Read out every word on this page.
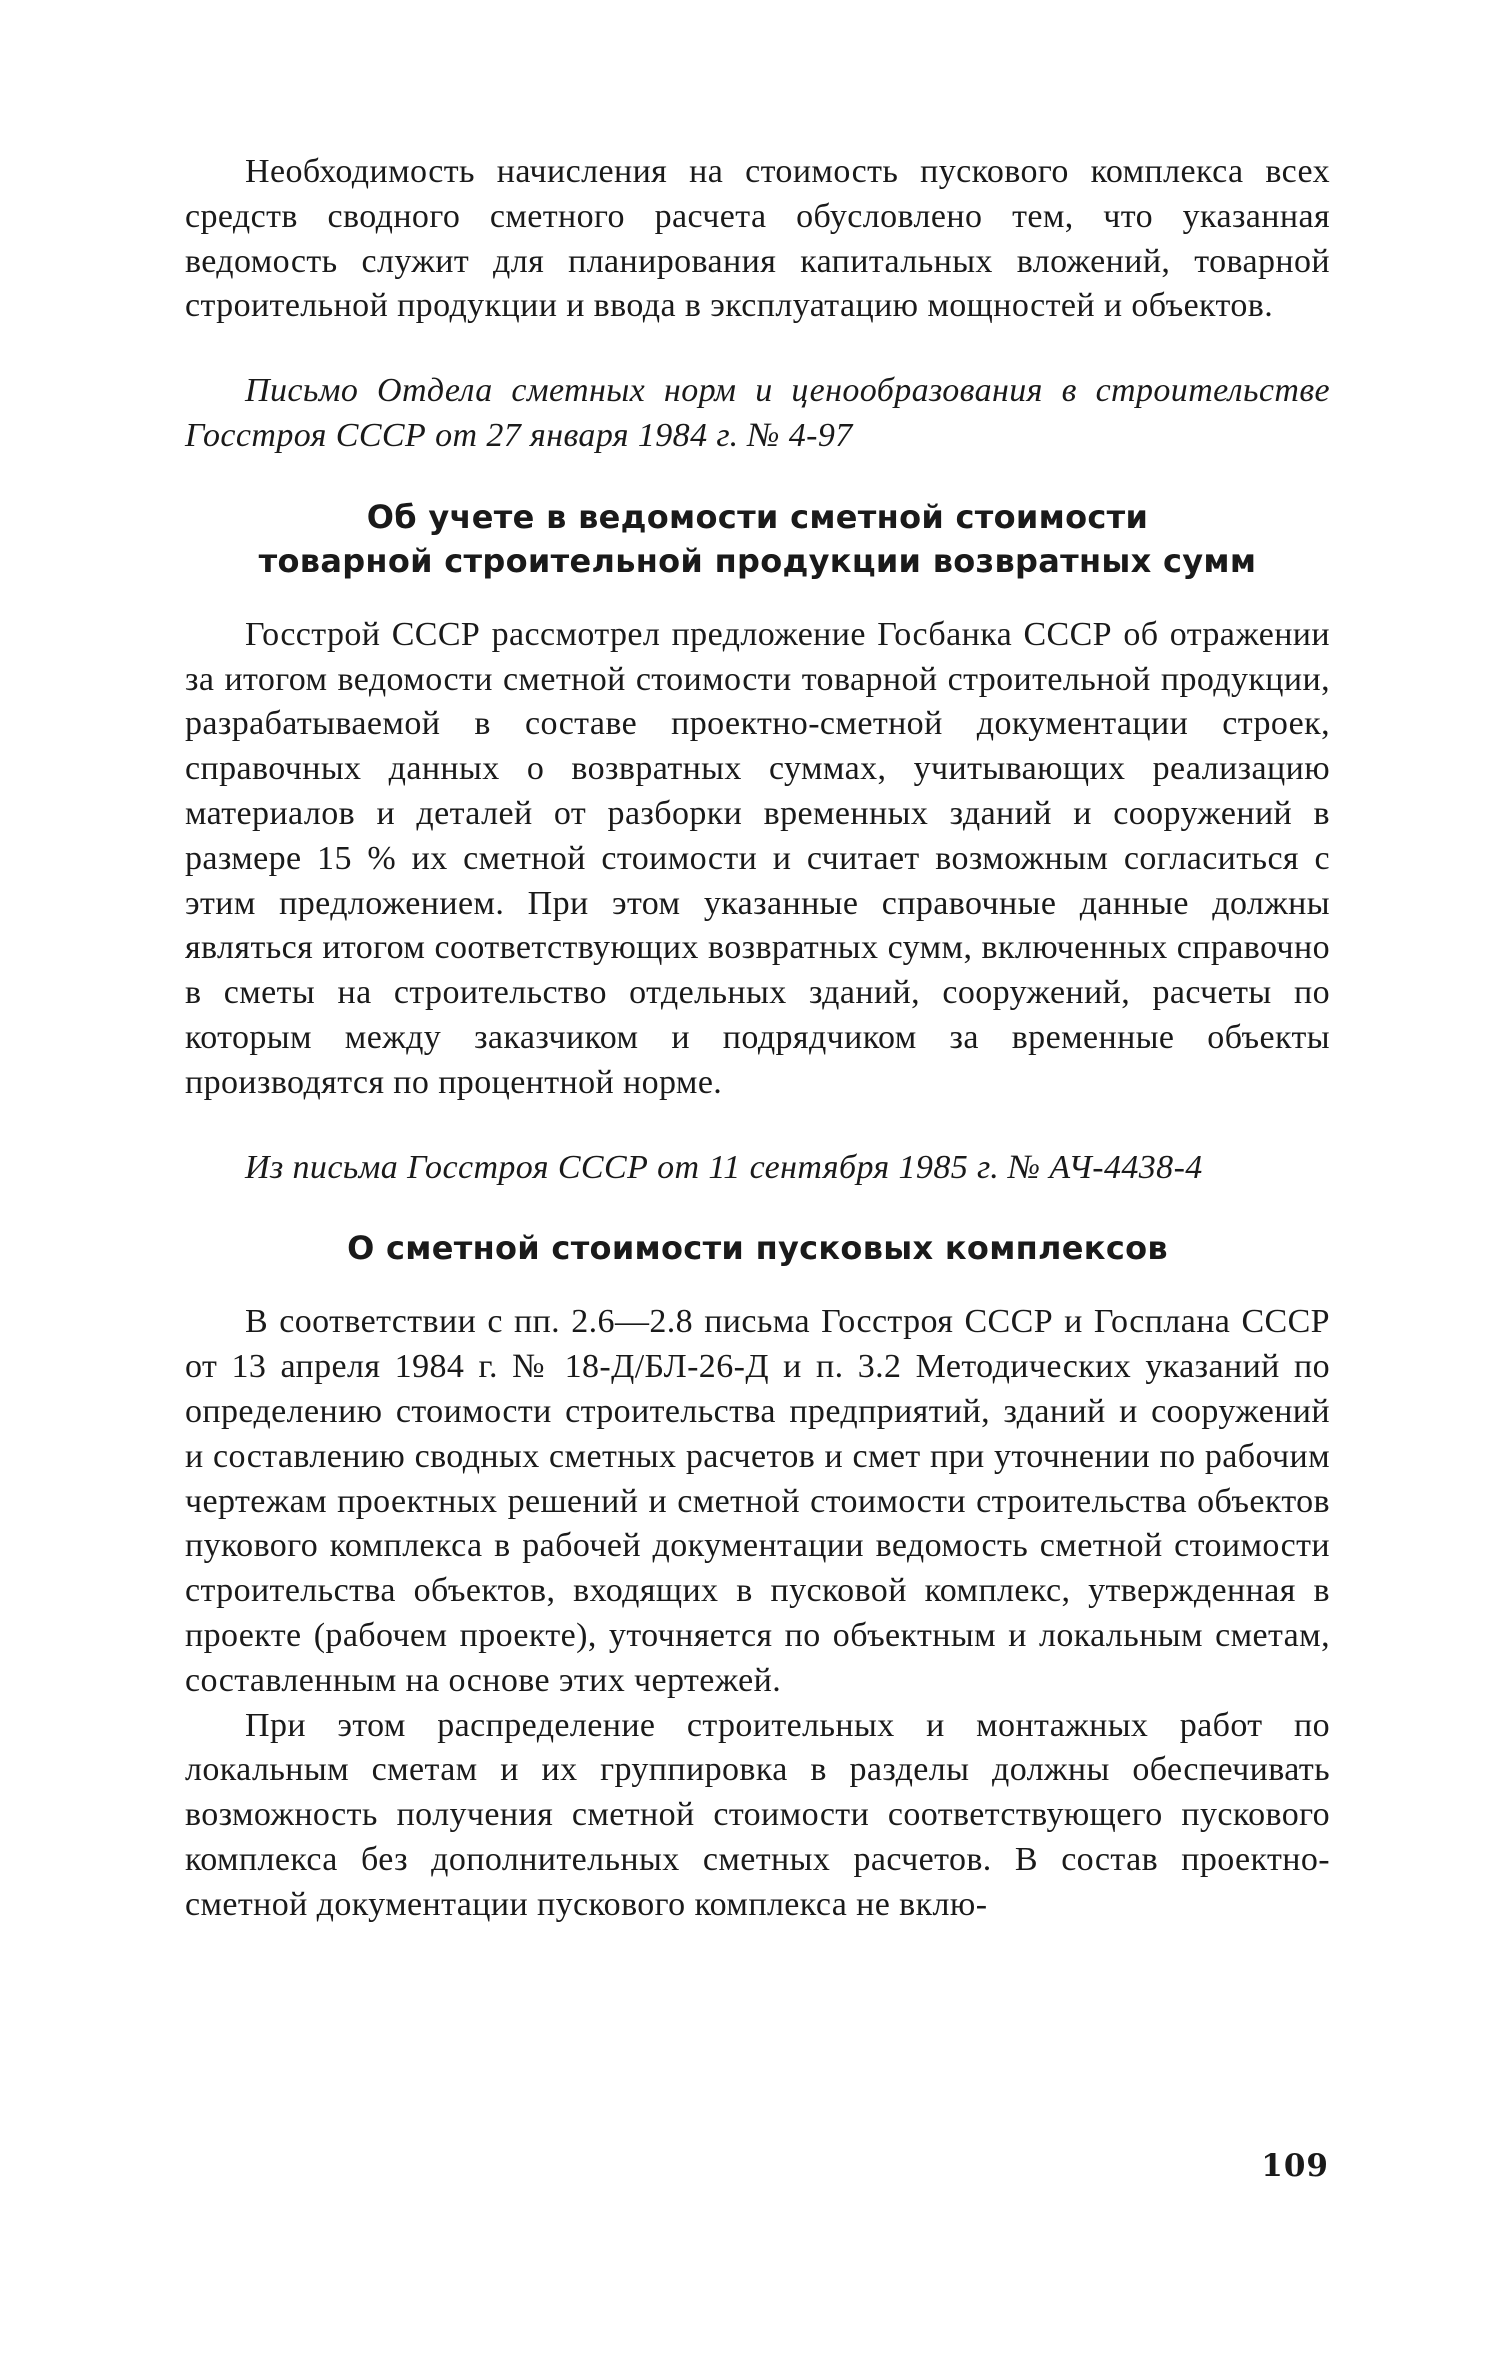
Необходимость начисления на стоимость пускового комплекса всех средств сводного сметного расчета обусловлено тем, что указанная ведомость служит для планирования капитальных вложений, товарной строительной продукции и ввода в эксплуатацию мощностей и объектов.

Письмо Отдела сметных норм и ценообразования в строительстве Госстроя СССР от 27 января 1984 г. № 4-97

Об учете в ведомости сметной стоимости
товарной строительной продукции возвратных сумм

Госстрой СССР рассмотрел предложение Госбанка СССР об отражении за итогом ведомости сметной стоимости товарной строительной продукции, разрабатываемой в составе проектно-сметной документации строек, справочных данных о возвратных суммах, учитывающих реализацию материалов и деталей от разборки временных зданий и сооружений в размере 15 % их сметной стоимости и считает возможным согласиться с этим предложением. При этом указанные справочные данные должны являться итогом соответствующих возвратных сумм, включенных справочно в сметы на строительство отдельных зданий, сооружений, расчеты по которым между заказчиком и подрядчиком за временные объекты производятся по процентной норме.

Из письма Госстроя СССР от 11 сентября 1985 г. № АЧ-4438-4

О сметной стоимости пусковых комплексов

В соответствии с пп. 2.6—2.8 письма Госстроя СССР и Госплана СССР от 13 апреля 1984 г. № 18-Д/БЛ-26-Д и п. 3.2 Методических указаний по определению стоимости строительства предприятий, зданий и сооружений и составлению сводных сметных расчетов и смет при уточнении по рабочим чертежам проектных решений и сметной стоимости строительства объектов пукового комплекса в рабочей документации ведомость сметной стоимости строительства объектов, входящих в пусковой комплекс, утвержденная в проекте (рабочем проекте), уточняется по объектным и локальным сметам, составленным на основе этих чертежей.

При этом распределение строительных и монтажных работ по локальным сметам и их группировка в разделы должны обеспечивать возможность получения сметной стоимости соответствующего пускового комплекса без дополнительных сметных расчетов. В состав проектно-сметной документации пускового комплекса не вклю-

109
